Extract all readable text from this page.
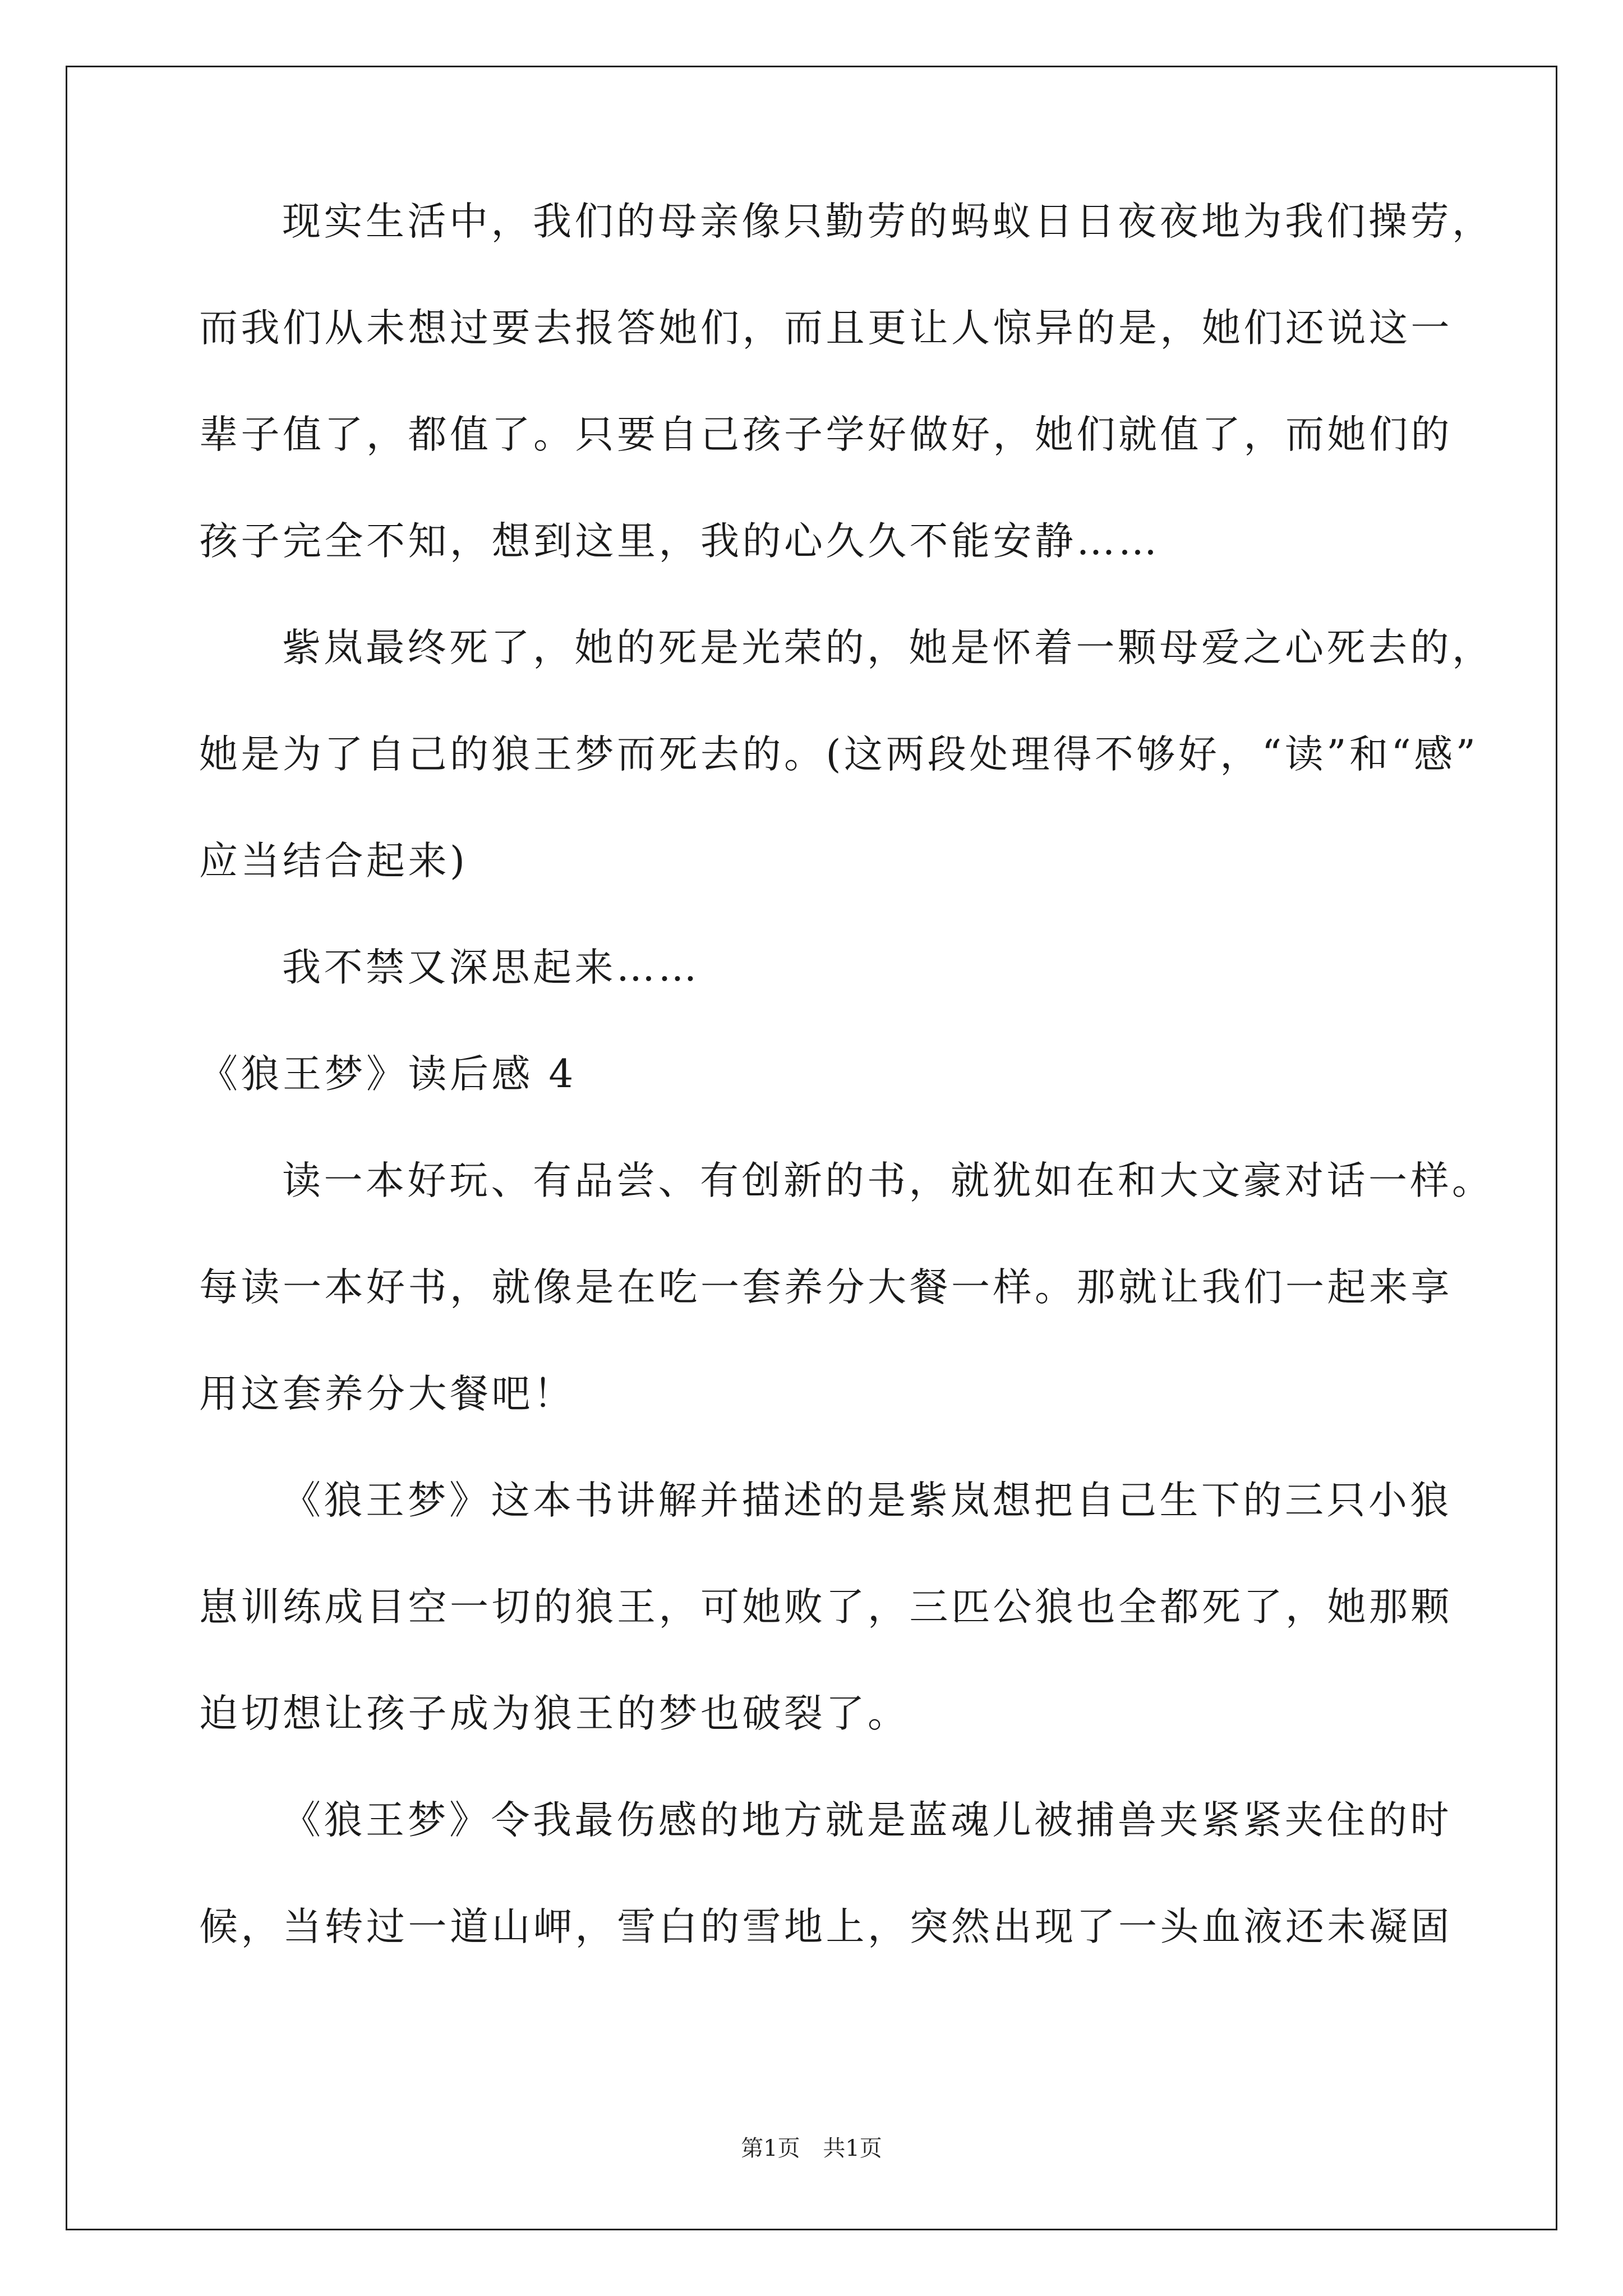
现实生活中，我们的母亲像只勤劳的蚂蚁日日夜夜地为我们操劳，
而我们从未想过要去报答她们，而且更让人惊异的是，她们还说这一
辈子值了，都值了。只要自己孩子学好做好，她们就值了，而她们的
孩子完全不知，想到这里，我的心久久不能安静……
紫岚最终死了，她的死是光荣的，她是怀着一颗母爱之心死去的，
她是为了自己的狼王梦而死去的。(这两段处理得不够好，“读”和“感”
应当结合起来)
我不禁又深思起来……
《狼王梦》读后感 4
读一本好玩、有品尝、有创新的书，就犹如在和大文豪对话一样。
每读一本好书，就像是在吃一套养分大餐一样。那就让我们一起来享
用这套养分大餐吧！
《狼王梦》这本书讲解并描述的是紫岚想把自己生下的三只小狼
崽训练成目空一切的狼王，可她败了，三匹公狼也全都死了，她那颗
迫切想让孩子成为狼王的梦也破裂了。
《狼王梦》令我最伤感的地方就是蓝魂儿被捕兽夹紧紧夹住的时
候，当转过一道山岬，雪白的雪地上，突然出现了一头血液还未凝固
第1页 共1页
